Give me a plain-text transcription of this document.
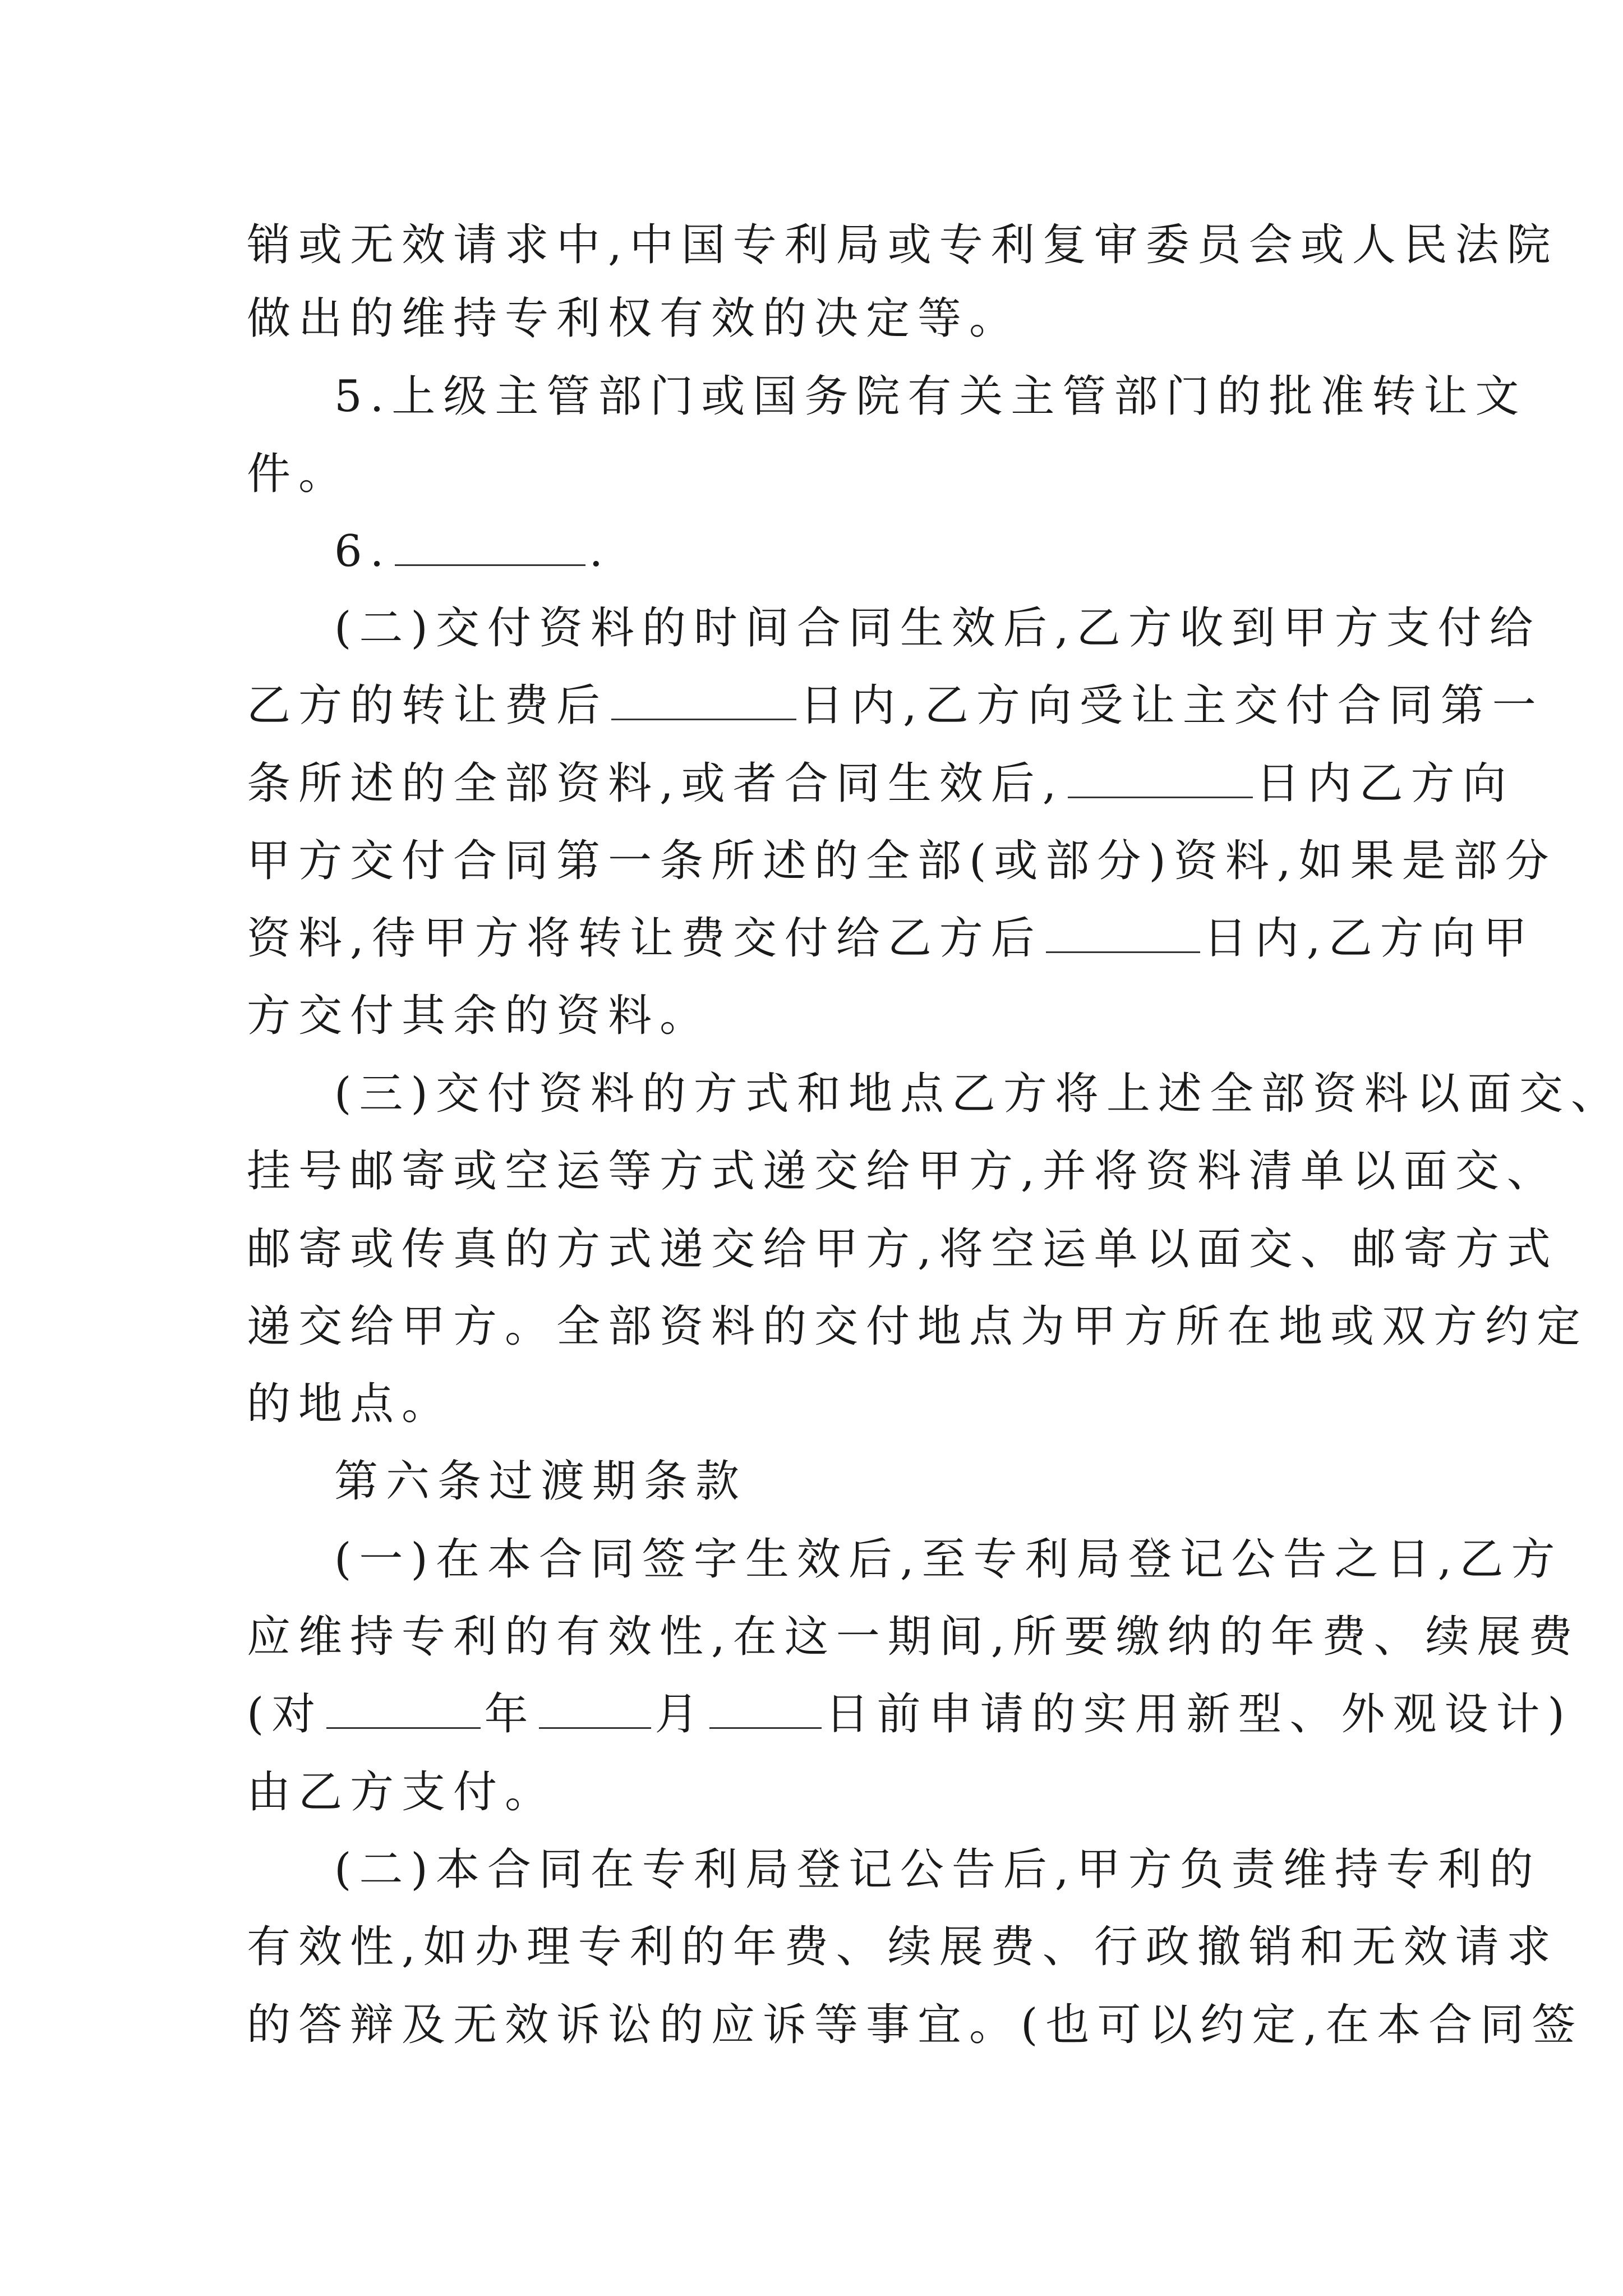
销或无效请求中,中国专利局或专利复审委员会或人民法院
做出的维持专利权有效的决定等。
5.上级主管部门或国务院有关主管部门的批准转让文
件。
6.	.
(二)交付资料的时间合同生效后,乙方收到甲方支付给
乙方的转让费后	日内,乙方向受让主交付合同第一
条所述的全部资料,或者合同生效后,	日内乙方向
甲方交付合同第一条所述的全部(或部分)资料,如果是部分
资料,待甲方将转让费交付给乙方后	日内,乙方向甲
方交付其余的资料。
(三)交付资料的方式和地点乙方将上述全部资料以面交、
挂号邮寄或空运等方式递交给甲方,并将资料清单以面交、
邮寄或传真的方式递交给甲方,将空运单以面交、邮寄方式
递交给甲方。全部资料的交付地点为甲方所在地或双方约定
的地点。
第六条过渡期条款
(一)在本合同签字生效后,至专利局登记公告之日,乙方
应维持专利的有效性,在这一期间,所要缴纳的年费、续展费
(对	年	月	日前申请的实用新型、外观设计)
由乙方支付。
(二)本合同在专利局登记公告后,甲方负责维持专利的
有效性,如办理专利的年费、续展费、行政撤销和无效请求
的答辩及无效诉讼的应诉等事宜。(也可以约定,在本合同签
